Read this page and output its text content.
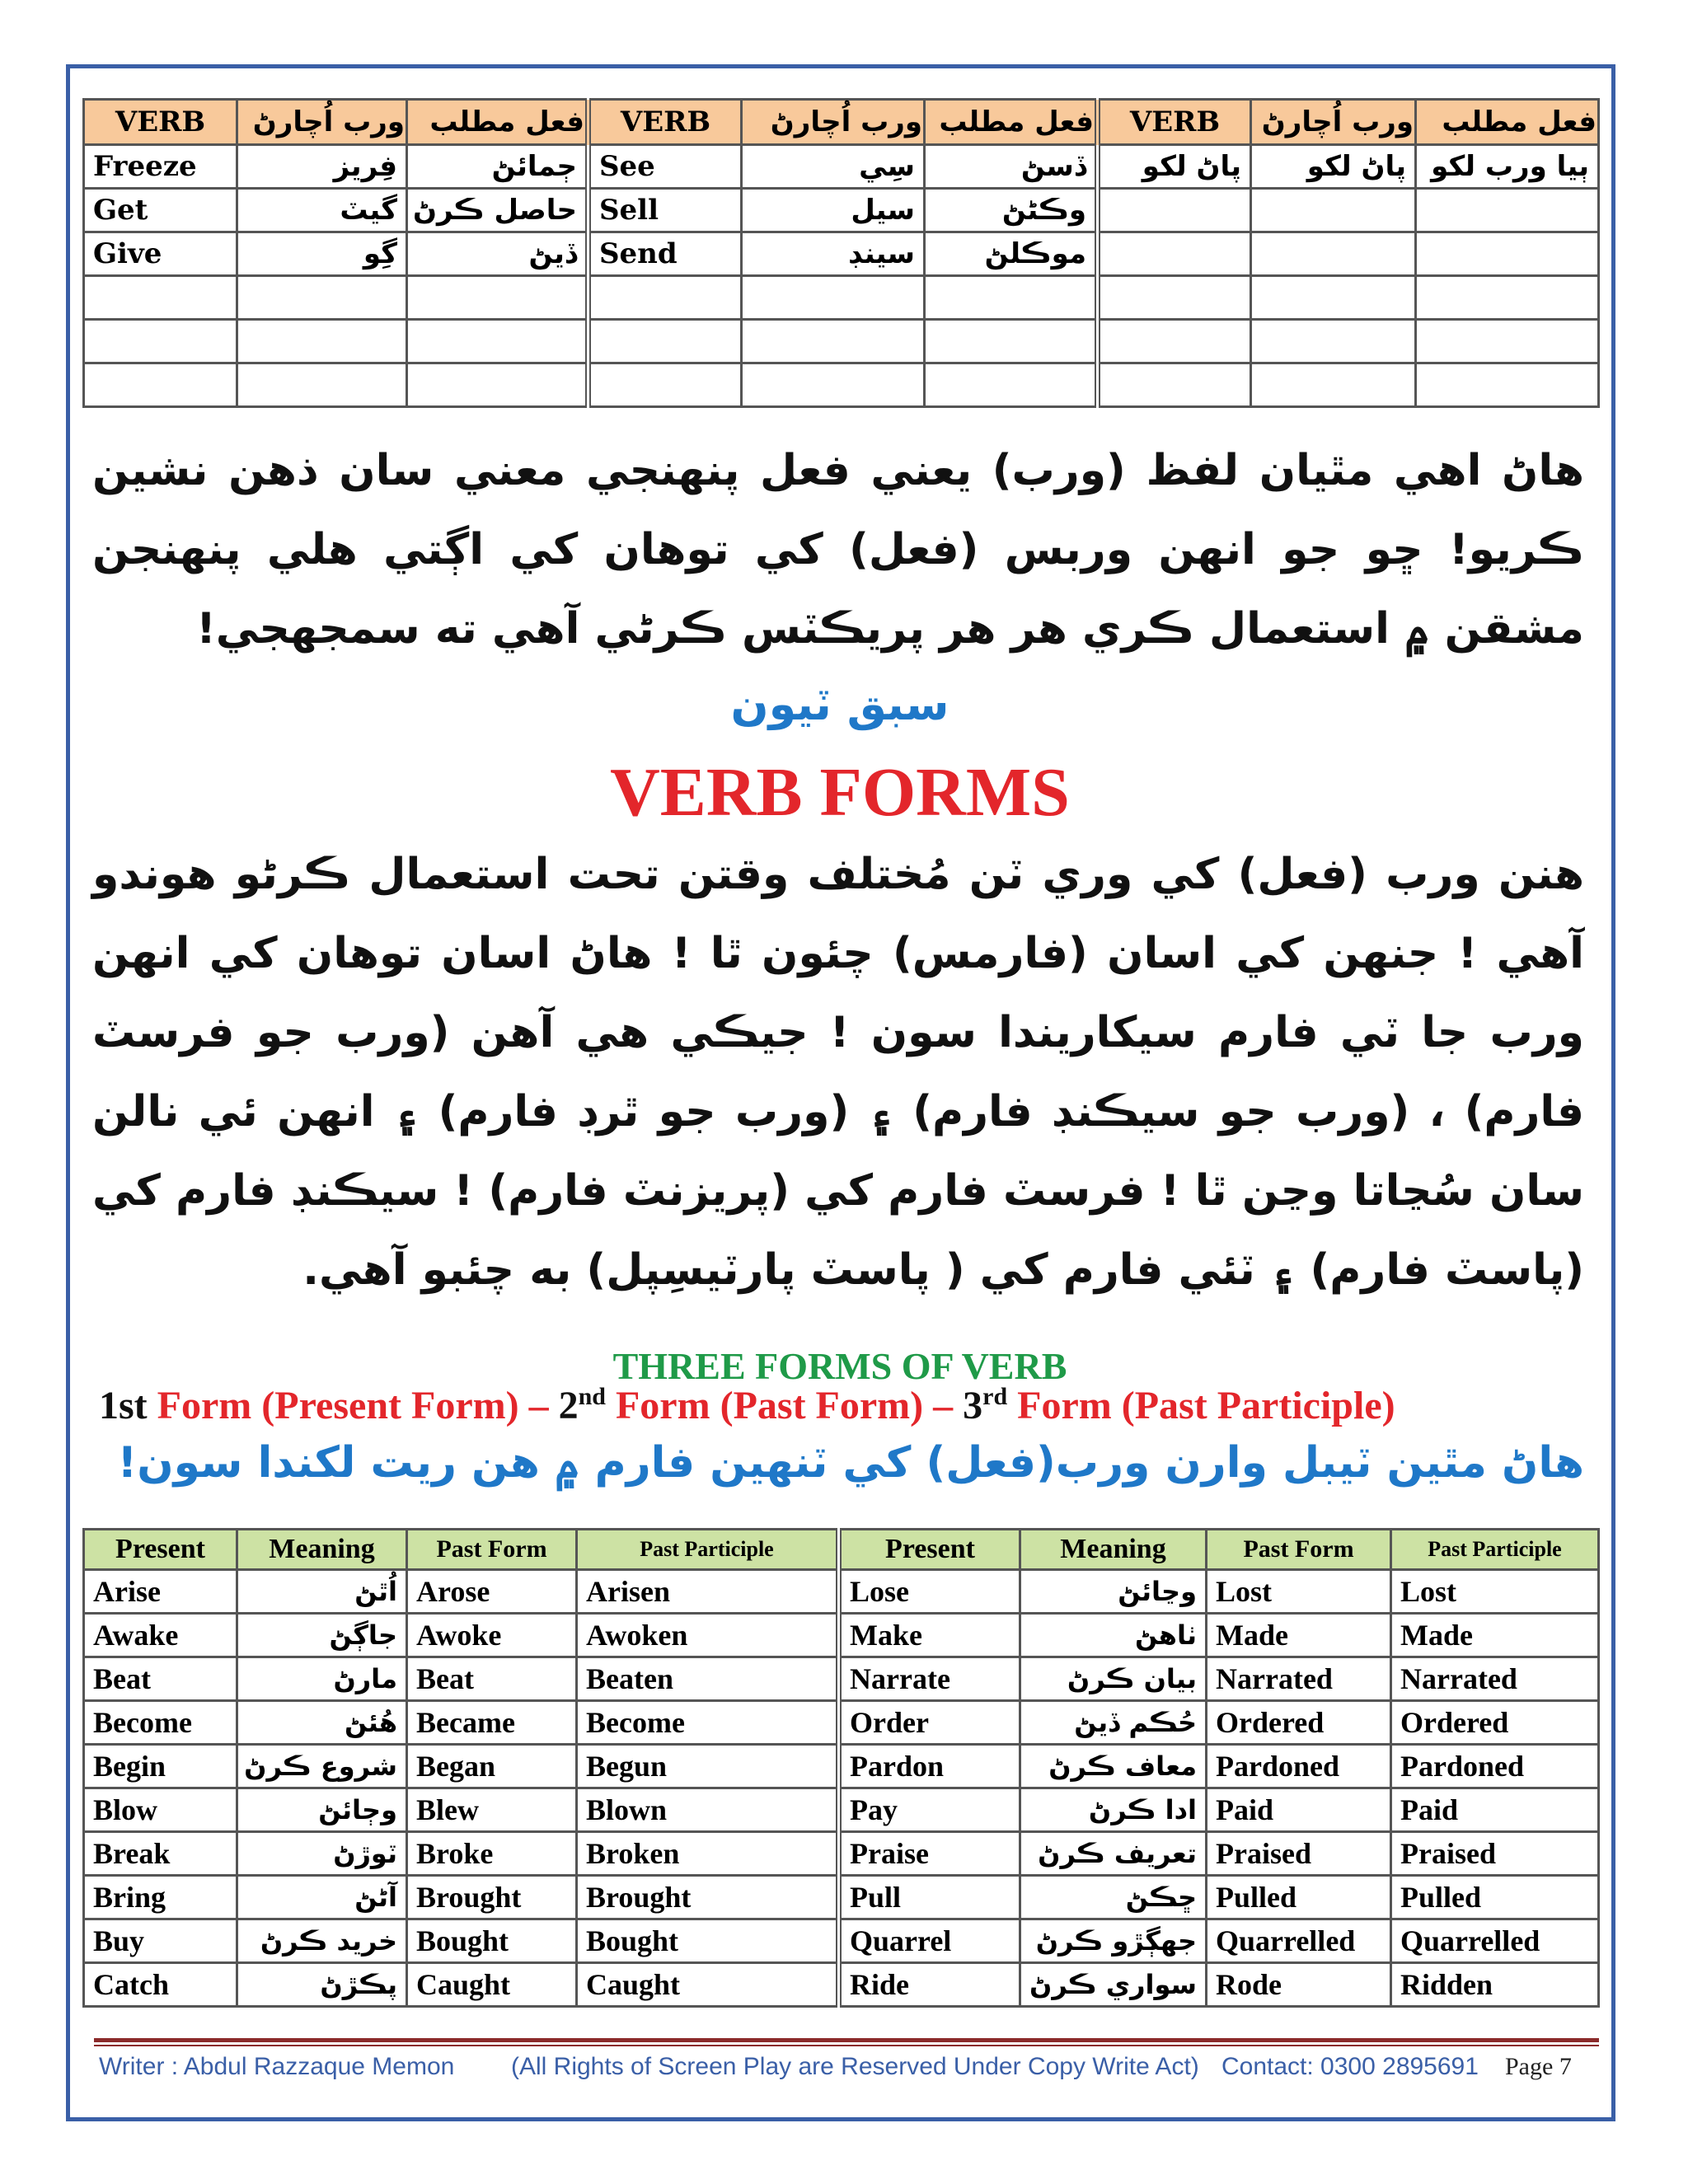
VERB	ورب اُچارڻ	فعل مطلب	VERB	ورب اُچارڻ	فعل مطلب	VERB	ورب اُچارڻ	فعل مطلب
Freeze	فِريز	ڄمائڻ	See	سِي	ڏسڻ	پاڻ لکو	پاڻ لکو	ٻيا ورب لکو
Get	گيٽ	حاصل ڪرڻ	Sell	سيل	وڪڻڻ			
Give	گِو	ڏيڻ	Send	سينڊ	موڪلڻ			

هاڻ اهي مٿيان لفظ (ورب) يعني فعل پنهنجي معني سان ذهن نشين ڪريو! ڇو جو انهن وربس (فعل) کي توهان کي اڳتي هلي پنهنجن مشقن ۾ استعمال ڪري هر هر پريڪٽس ڪرڻي آهي ته سمجهجي!
سبق ٽيون
VERB FORMS
هنن ورب (فعل) کي وري ٽن مُختلف وقتن تحت استعمال ڪرڻو هوندو آهي ! جنهن کي اسان (فارمس) چئون ٿا ! هاڻ اسان توهان کي انهن ورب جا ٽي فارم سيکاريندا سون ! جيڪي هي آهن (ورب جو فرسٽ فارم) ، (ورب جو سيڪنڊ فارم) ۽ (ورب جو ٿرڊ فارم) ۽ انهن ئي نالن سان سُڃاتا وڃن ٿا ! فرسٽ فارم کي (پريزنٽ فارم) ! سيڪنڊ فارم کي (پاسٽ فارم) ۽ ٽئي فارم کي ( پاسٽ پارٽيسِپل) به چئبو آهي.
THREE FORMS OF VERB
1st Form (Present Form) – 2nd Form (Past Form) – 3rd Form (Past Participle)
هاڻ مٿين ٽيبل وارن ورب(فعل) کي ٽنهين فارم ۾ هن ريت لکندا سون!
Present	Meaning	Past Form	Past Participle	Present	Meaning	Past Form	Past Participle
Arise	اُٿڻ	Arose	Arisen	Lose	وڃائڻ	Lost	Lost
Awake	جاڳڻ	Awoke	Awoken	Make	ٺاهڻ	Made	Made
Beat	مارڻ	Beat	Beaten	Narrate	بيان ڪرڻ	Narrated	Narrated
Become	ھُئڻ	Became	Become	Order	حُڪم ڏيڻ	Ordered	Ordered
Begin	شروع ڪرڻ	Began	Begun	Pardon	معاف ڪرڻ	Pardoned	Pardoned
Blow	وڄائڻ	Blew	Blown	Pay	ادا ڪرڻ	Paid	Paid
Break	ٽوڙڻ	Broke	Broken	Praise	تعريف ڪرڻ	Praised	Praised
Bring	آڻڻ	Brought	Brought	Pull	ڇڪڻ	Pulled	Pulled
Buy	خريد ڪرڻ	Bought	Bought	Quarrel	جهڳڙو ڪرڻ	Quarrelled	Quarrelled
Catch	پڪڙڻ	Caught	Caught	Ride	سواري ڪرڻ	Rode	Ridden
Writer : Abdul Razzaque Memon (All Rights of Screen Play are Reserved Under Copy Write Act) Contact: 0300 2895691 Page 7
